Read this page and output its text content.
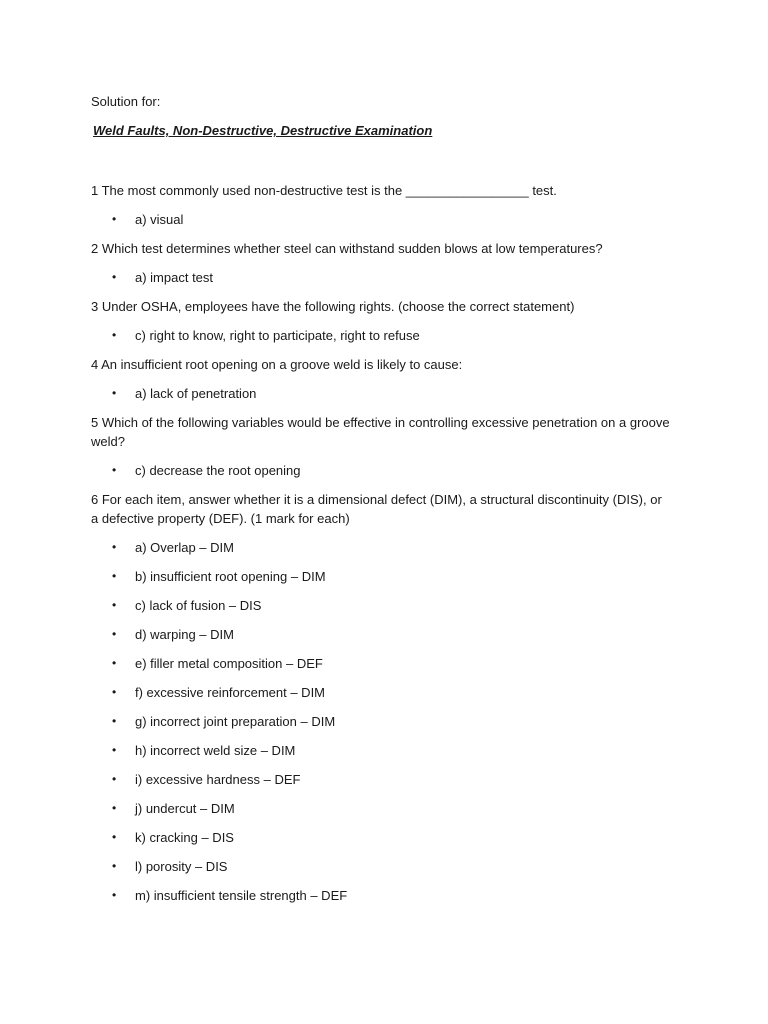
Solution for:

Weld Faults, Non-Destructive, Destructive Examination

1 The most commonly used non-destructive test is the _________________ test.
• a) visual
2 Which test determines whether steel can withstand sudden blows at low temperatures?
• a) impact test
3 Under OSHA, employees have the following rights. (choose the correct statement)
• c) right to know, right to participate, right to refuse
4 An insufficient root opening on a groove weld is likely to cause:
• a) lack of penetration
5 Which of the following variables would be effective in controlling excessive penetration on a groove weld?
• c) decrease the root opening
6 For each item, answer whether it is a dimensional defect (DIM), a structural discontinuity (DIS), or a defective property (DEF). (1 mark for each)
• a) Overlap – DIM
• b) insufficient root opening – DIM
• c) lack of fusion – DIS
• d) warping – DIM
• e) filler metal composition – DEF
• f) excessive reinforcement – DIM
• g) incorrect joint preparation – DIM
• h) incorrect weld size – DIM
• i) excessive hardness – DEF
• j) undercut – DIM
• k) cracking – DIS
• l) porosity – DIS
• m) insufficient tensile strength – DEF
